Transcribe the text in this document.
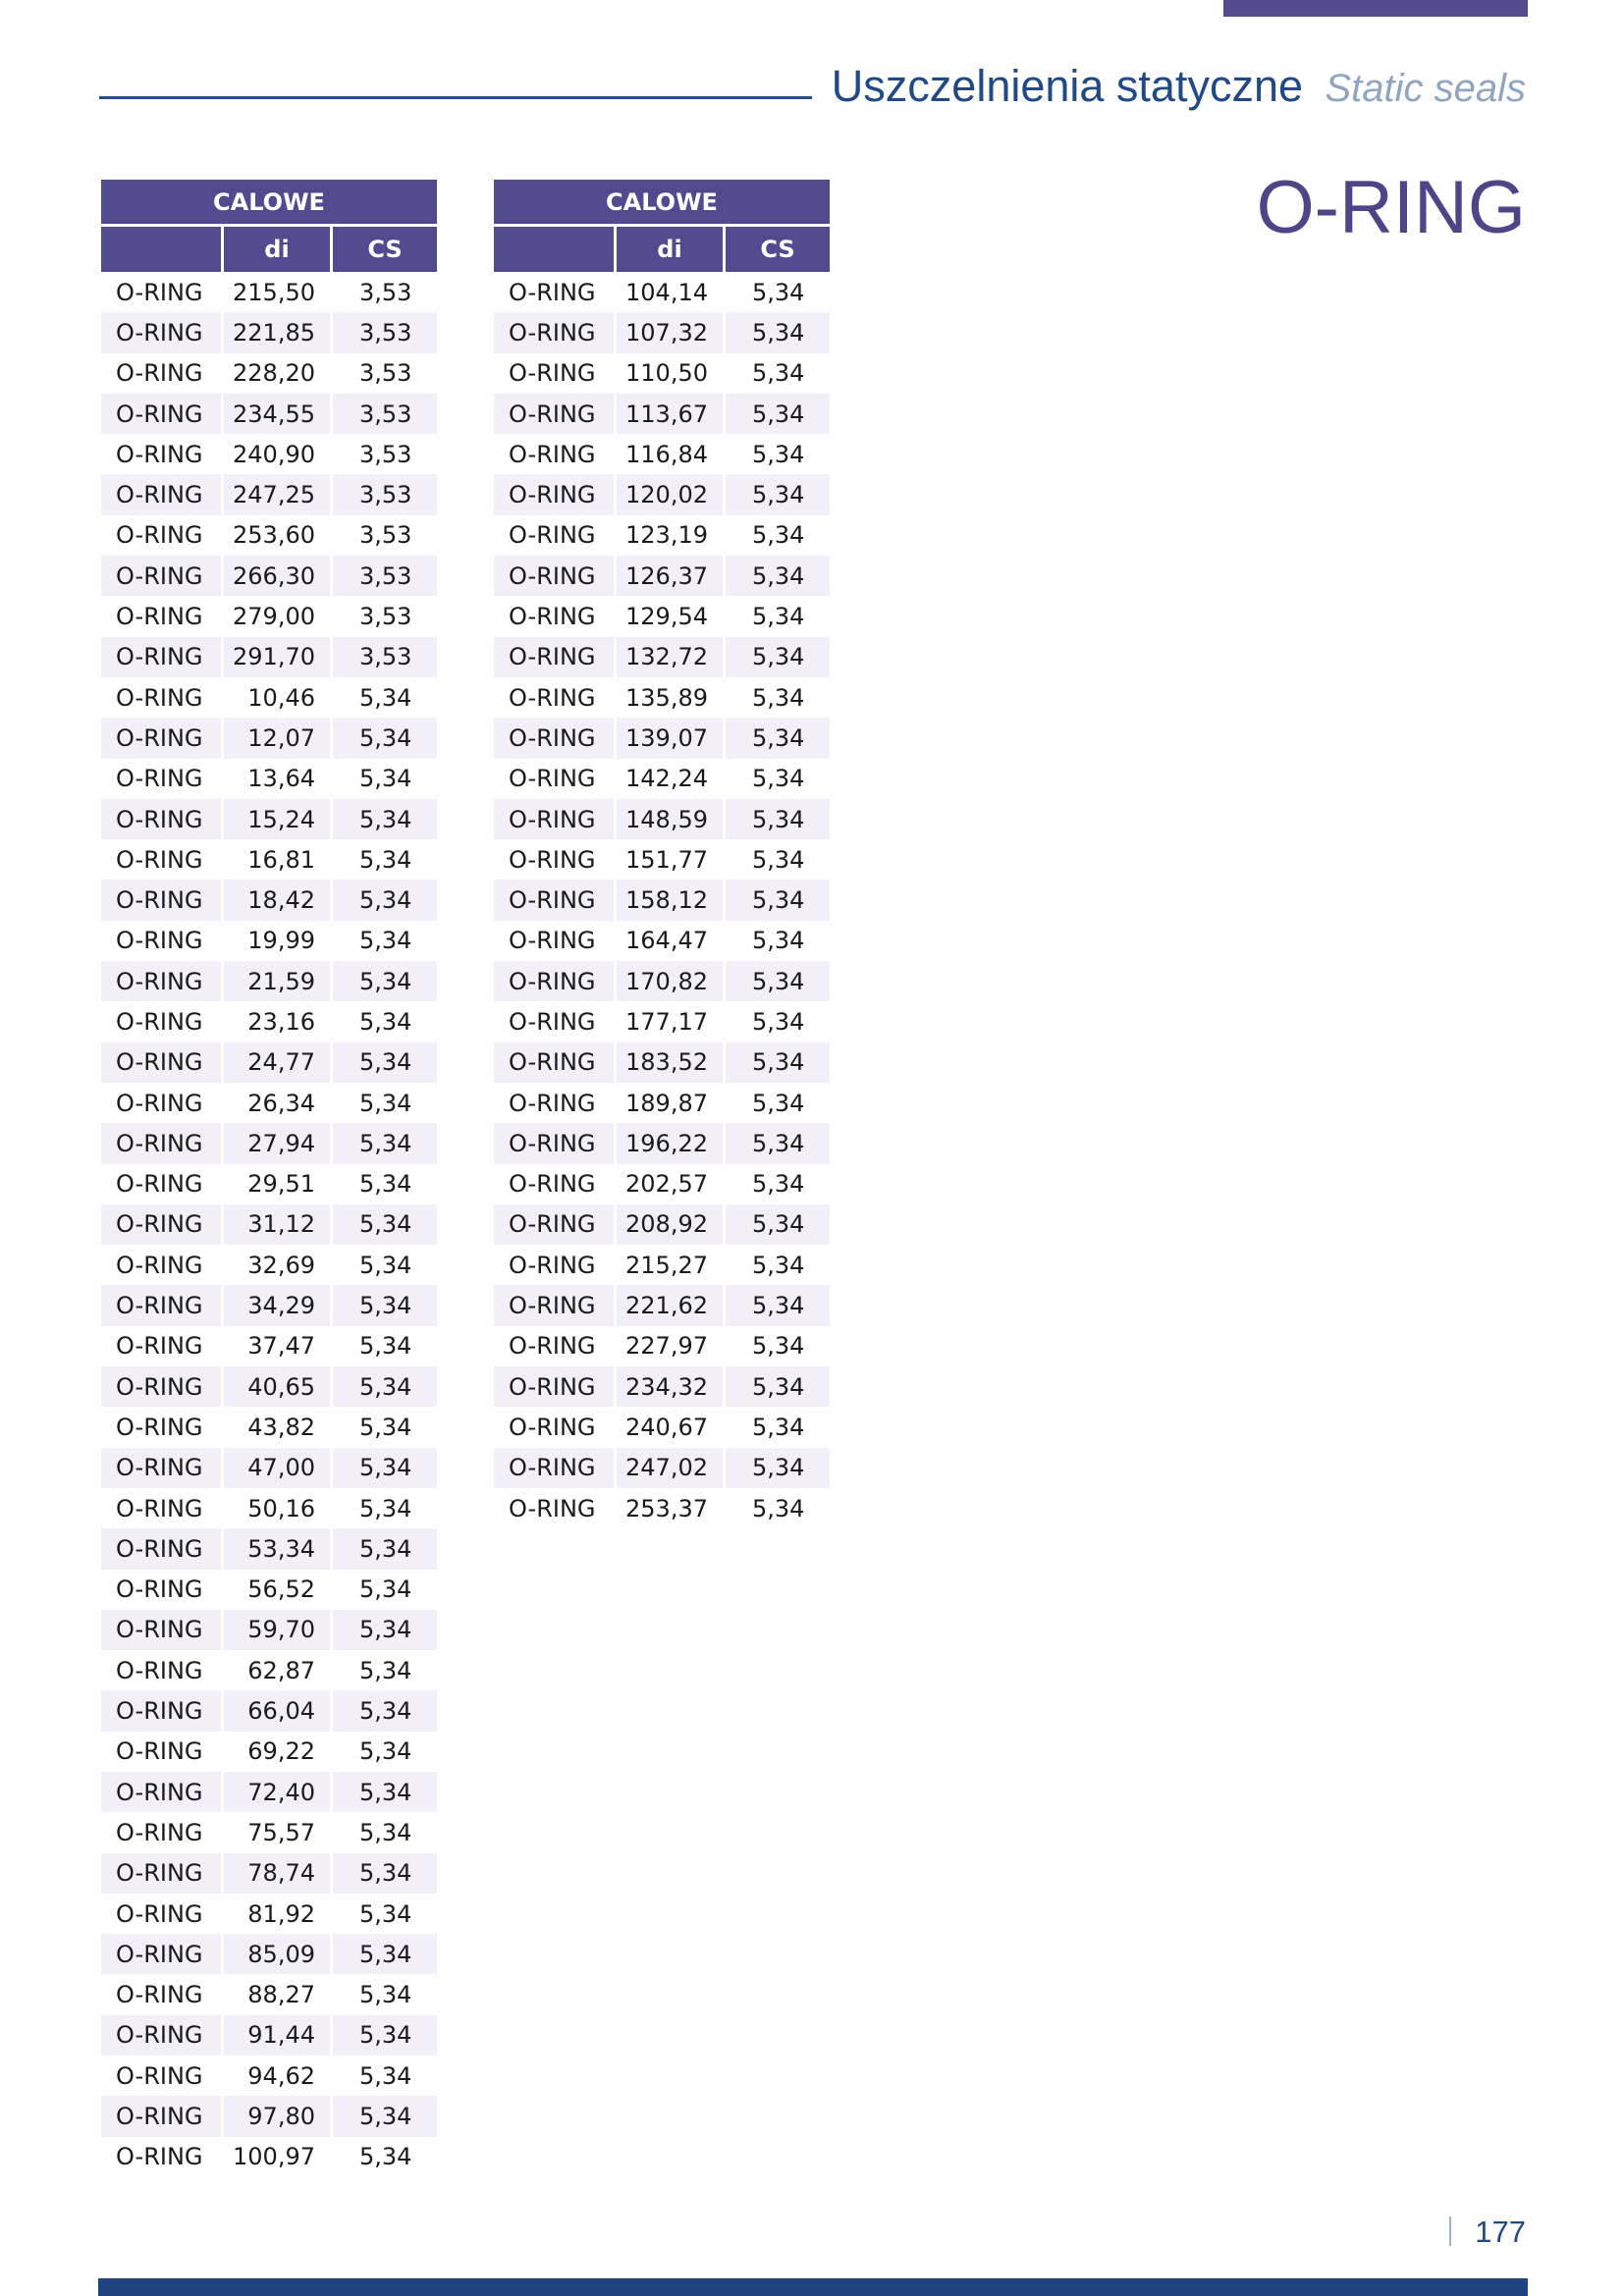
Uszczelnienia statyczne Static seals
O-RING
CALOWE		
	di	CS
O-RING	215,50	3,53
O-RING	221,85	3,53
O-RING	228,20	3,53
O-RING	234,55	3,53
O-RING	240,90	3,53
O-RING	247,25	3,53
O-RING	253,60	3,53
O-RING	266,30	3,53
O-RING	279,00	3,53
O-RING	291,70	3,53
O-RING	10,46	5,34
O-RING	12,07	5,34
O-RING	13,64	5,34
O-RING	15,24	5,34
O-RING	16,81	5,34
O-RING	18,42	5,34
O-RING	19,99	5,34
O-RING	21,59	5,34
O-RING	23,16	5,34
O-RING	24,77	5,34
O-RING	26,34	5,34
O-RING	27,94	5,34
O-RING	29,51	5,34
O-RING	31,12	5,34
O-RING	32,69	5,34
O-RING	34,29	5,34
O-RING	37,47	5,34
O-RING	40,65	5,34
O-RING	43,82	5,34
O-RING	47,00	5,34
O-RING	50,16	5,34
O-RING	53,34	5,34
O-RING	56,52	5,34
O-RING	59,70	5,34
O-RING	62,87	5,34
O-RING	66,04	5,34
O-RING	69,22	5,34
O-RING	72,40	5,34
O-RING	75,57	5,34
O-RING	78,74	5,34
O-RING	81,92	5,34
O-RING	85,09	5,34
O-RING	88,27	5,34
O-RING	91,44	5,34
O-RING	94,62	5,34
O-RING	97,80	5,34
O-RING	100,97	5,34
CALOWE		
	di	CS
O-RING	104,14	5,34
O-RING	107,32	5,34
O-RING	110,50	5,34
O-RING	113,67	5,34
O-RING	116,84	5,34
O-RING	120,02	5,34
O-RING	123,19	5,34
O-RING	126,37	5,34
O-RING	129,54	5,34
O-RING	132,72	5,34
O-RING	135,89	5,34
O-RING	139,07	5,34
O-RING	142,24	5,34
O-RING	148,59	5,34
O-RING	151,77	5,34
O-RING	158,12	5,34
O-RING	164,47	5,34
O-RING	170,82	5,34
O-RING	177,17	5,34
O-RING	183,52	5,34
O-RING	189,87	5,34
O-RING	196,22	5,34
O-RING	202,57	5,34
O-RING	208,92	5,34
O-RING	215,27	5,34
O-RING	221,62	5,34
O-RING	227,97	5,34
O-RING	234,32	5,34
O-RING	240,67	5,34
O-RING	247,02	5,34
O-RING	253,37	5,34
177
